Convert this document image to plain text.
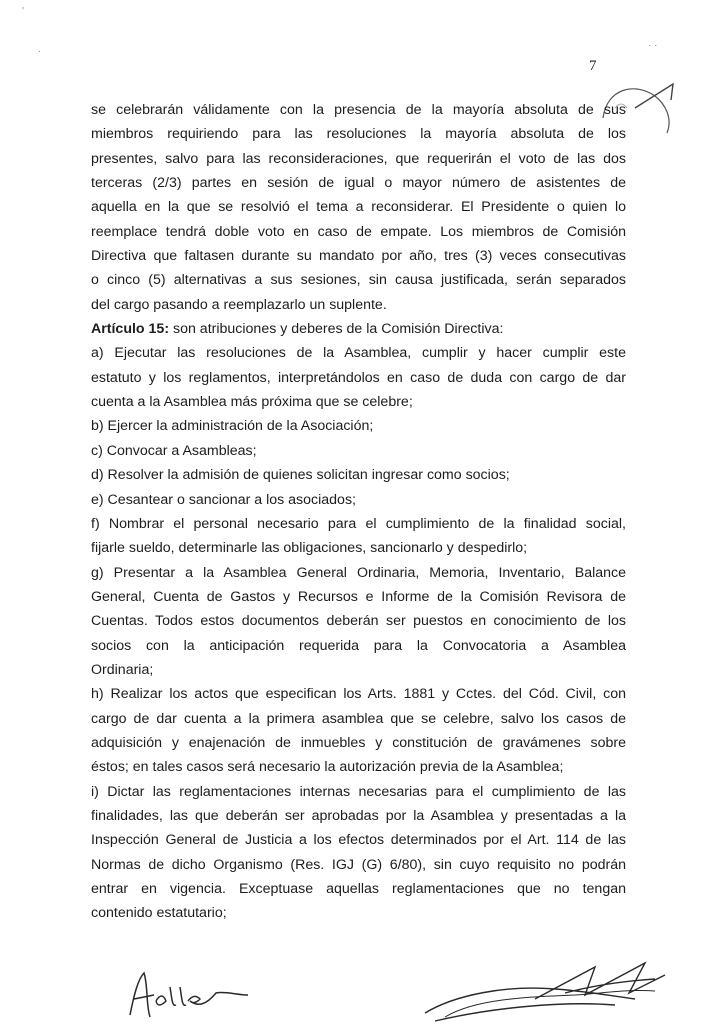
7
'
.	· ·
se celebrarán válidamente con la presencia de la mayoría absoluta de sus
miembros requiriendo para las resoluciones la mayoría absoluta de los
presentes, salvo para las reconsideraciones, que requerirán el voto de las dos
terceras (2/3) partes en sesión de igual o mayor número de asistentes de
aquella en la que se resolvió el tema a reconsiderar. El Presidente o quien lo
reemplace tendrá doble voto en caso de empate. Los miembros de Comisión
Directiva que faltasen durante su mandato por año, tres (3) veces consecutivas
o cinco (5) alternativas a sus sesiones, sin causa justificada, serán separados
del cargo pasando a reemplazarlo un suplente.
Artículo 15: son atribuciones y deberes de la Comisión Directiva:
a) Ejecutar las resoluciones de la Asamblea, cumplir y hacer cumplir este
estatuto y los reglamentos, interpretándolos en caso de duda con cargo de dar
cuenta a la Asamblea más próxima que se celebre;
b) Ejercer la administración de la Asociación;
c) Convocar a Asambleas;
d) Resolver la admisión de quienes solicitan ingresar como socios;
e) Cesantear o sancionar a los asociados;
f) Nombrar el personal necesario para el cumplimiento de la finalidad social,
fijarle sueldo, determinarle las obligaciones, sancionarlo y despedirlo;
g) Presentar a la Asamblea General Ordinaria, Memoria, Inventario, Balance
General, Cuenta de Gastos y Recursos e Informe de la Comisión Revisora de
Cuentas. Todos estos documentos deberán ser puestos en conocimiento de los
socios con la anticipación requerida para la Convocatoria a Asamblea
Ordinaria;
h) Realizar los actos que especifican los Arts. 1881 y Cctes. del Cód. Civil, con
cargo de dar cuenta a la primera asamblea que se celebre, salvo los casos de
adquisición y enajenación de inmuebles y constitución de gravámenes sobre
éstos; en tales casos será necesario la autorización previa de la Asamblea;
i) Dictar las reglamentaciones internas necesarias para el cumplimiento de las
finalidades, las que deberán ser aprobadas por la Asamblea y presentadas a la
Inspección General de Justicia a los efectos determinados por el Art. 114 de las
Normas de dicho Organismo (Res. IGJ (G) 6/80), sin cuyo requisito no podrán
entrar en vigencia. Exceptuase aquellas reglamentaciones que no tengan
contenido estatutario;
